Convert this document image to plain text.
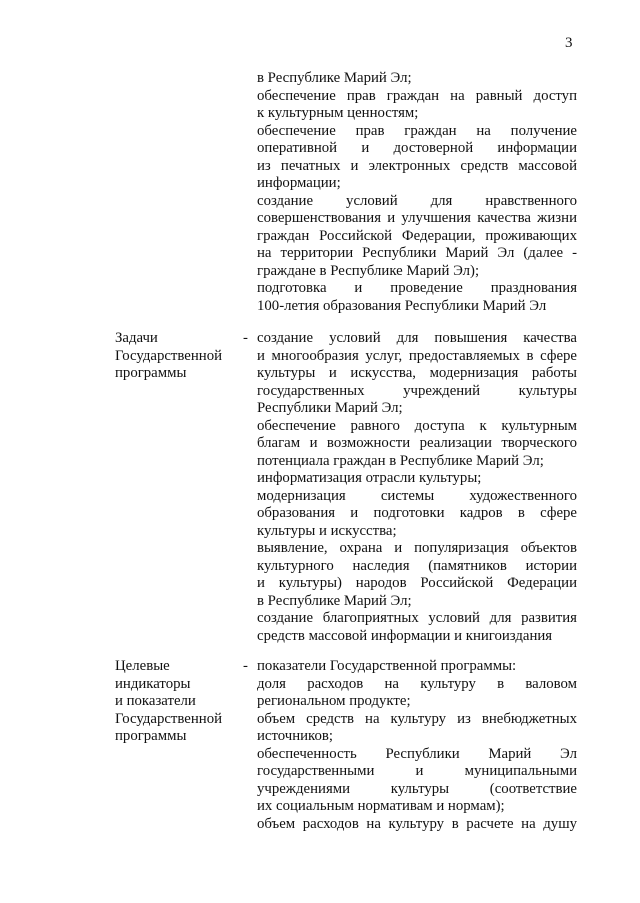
3
в Республике Марий Эл;
обеспечение прав граждан на равный доступ
к культурным ценностям;
обеспечение прав граждан на получение
оперативной и достоверной информации
из печатных и электронных средств массовой
информации;
создание условий для нравственного
совершенствования и улучшения качества жизни
граждан Российской Федерации, проживающих
на территории Республики Марий Эл (далее -
граждане в Республике Марий Эл);
подготовка и проведение празднования
100-летия образования Республики Марий Эл
Задачи
Государственной
программы
- создание условий для повышения качества
и многообразия услуг, предоставляемых в сфере
культуры и искусства, модернизация работы
государственных учреждений культуры
Республики Марий Эл;
обеспечение равного доступа к культурным
благам и возможности реализации творческого
потенциала граждан в Республике Марий Эл;
информатизация отрасли культуры;
модернизация системы художественного
образования и подготовки кадров в сфере
культуры и искусства;
выявление, охрана и популяризация объектов
культурного наследия (памятников истории
и культуры) народов Российской Федерации
в Республике Марий Эл;
создание благоприятных условий для развития
средств массовой информации и книгоиздания
Целевые
индикаторы
и показатели
Государственной
программы
- показатели Государственной программы:
доля расходов на культуру в валовом
региональном продукте;
объем средств на культуру из внебюджетных
источников;
обеспеченность Республики Марий Эл
государственными и муниципальными
учреждениями культуры (соответствие
их социальным нормативам и нормам);
объем расходов на культуру в расчете на душу
